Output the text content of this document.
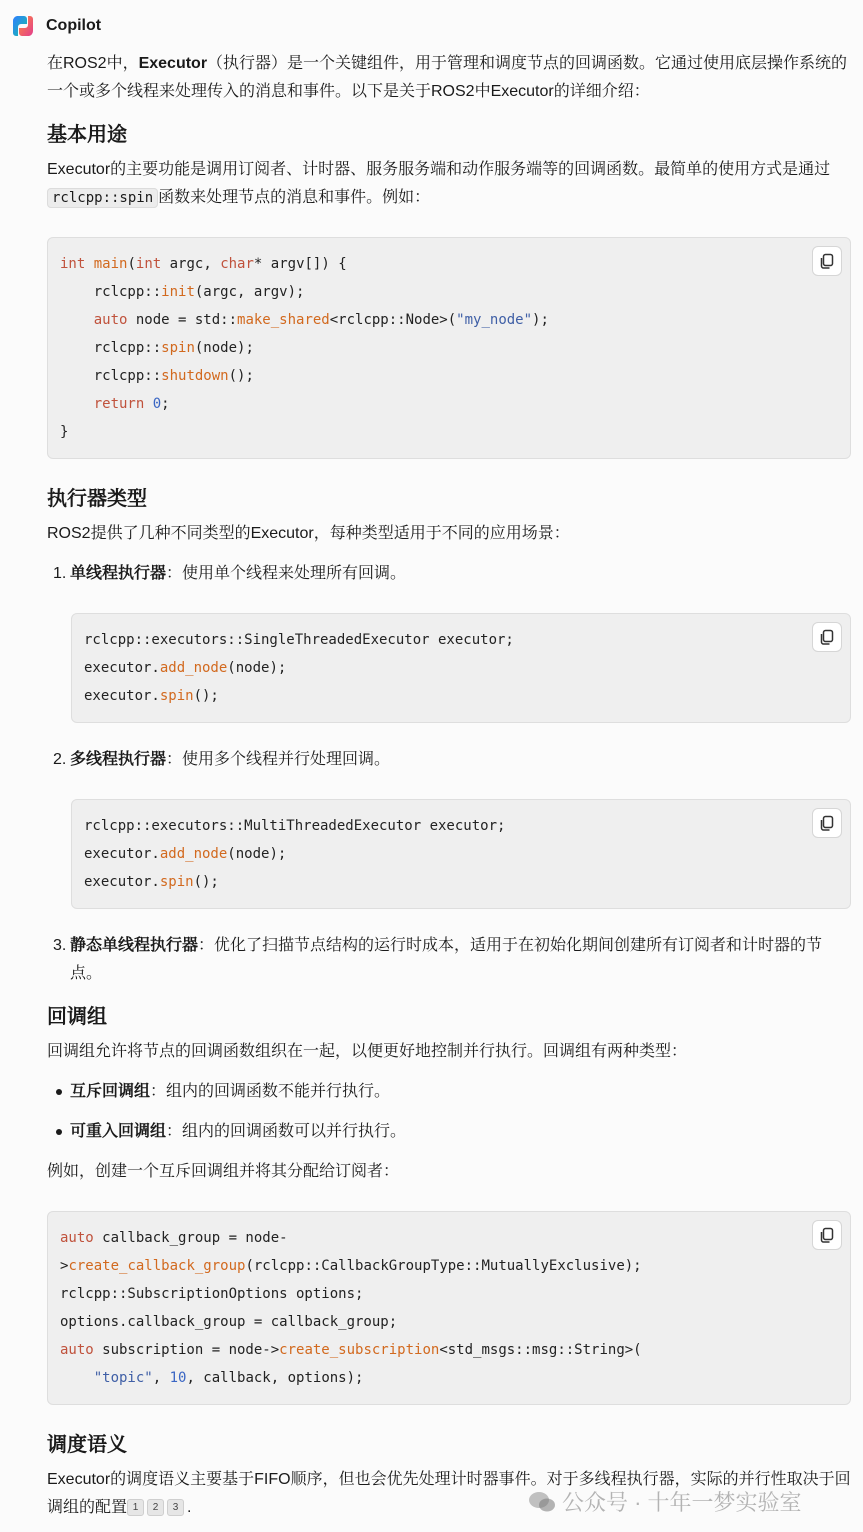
Copilot
在ROS2中，Executor（执行器）是一个关键组件，用于管理和调度节点的回调函数。它通过使用底层操作系统的一个或多个线程来处理传入的消息和事件。以下是关于ROS2中Executor的详细介绍：
基本用途
Executor的主要功能是调用订阅者、计时器、服务服务端和动作服务端等的回调函数。最简单的使用方式是通过rclcpp::spin 函数来处理节点的消息和事件。例如：
int main(int argc, char* argv[]) {
rclcpp::init(argc, argv);
auto node = std::make_shared<rclcpp::Node>("my_node");
rclcpp::spin(node);
rclcpp::shutdown();
return 0;
}
执行器类型
ROS2提供了几种不同类型的Executor，每种类型适用于不同的应用场景：
1. 单线程执行器：使用单个线程来处理所有回调。
rclcpp::executors::SingleThreadedExecutor executor;
executor.add_node(node);
executor.spin();
2. 多线程执行器：使用多个线程并行处理回调。
rclcpp::executors::MultiThreadedExecutor executor;
executor.add_node(node);
executor.spin();
3. 静态单线程执行器：优化了扫描节点结构的运行时成本，适用于在初始化期间创建所有订阅者和计时器的节点。
回调组
回调组允许将节点的回调函数组织在一起，以便更好地控制并行执行。回调组有两种类型：
互斥回调组：组内的回调函数不能并行执行。
可重入回调组：组内的回调函数可以并行执行。
例如，创建一个互斥回调组并将其分配给订阅者：
auto callback_group = node-
>create_callback_group(rclcpp::CallbackGroupType::MutuallyExclusive);
rclcpp::SubscriptionOptions options;
options.callback_group = callback_group;
auto subscription = node->create_subscription<std_msgs::msg::String>(
"topic", 10, callback, options);
调度语义
Executor的调度语义主要基于FIFO顺序，但也会优先处理计时器事件。对于多线程执行器，实际的并行性取决于回调组的配置 1 2 3 .	公众号 · 十年一梦实验室
